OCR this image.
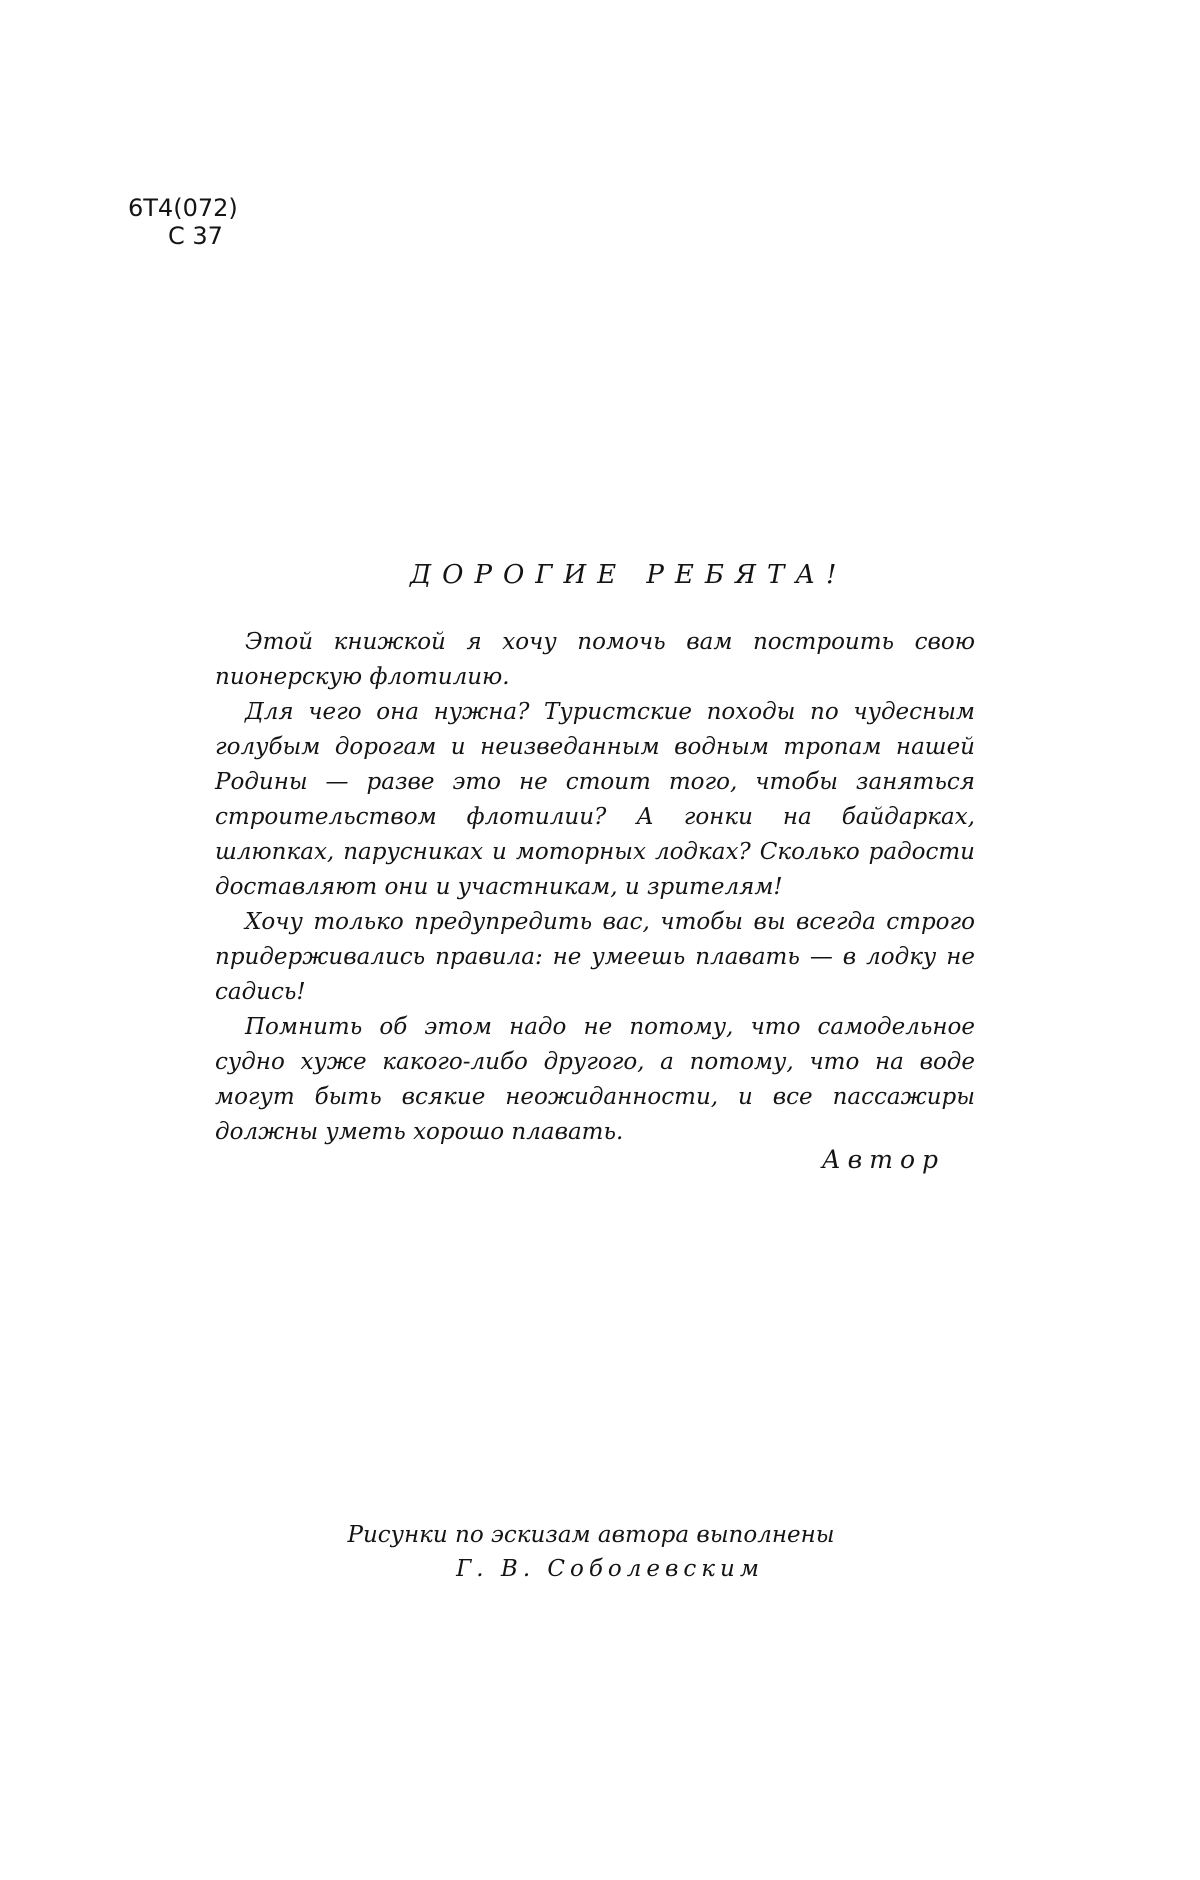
6Т4(072)
С 37
ДОРОГИЕ РЕБЯТА!

Этой книжкой я хочу помочь вам построить свою пионерскую флотилию.

Для чего она нужна? Туристские походы по чудесным голубым дорогам и неизведанным водным тропам нашей Родины — разве это не стоит того, чтобы заняться строительством флотилии? А гонки на байдарках, шлюпках, парусниках и моторных лодках? Сколько радости доставляют они и участникам, и зрителям!

Хочу только предупредить вас, чтобы вы всегда строго придерживались правила: не умеешь плавать — в лодку не садись!

Помнить об этом надо не потому, что самодельное судно хуже какого-либо другого, а потому, что на воде могут быть всякие неожиданности, и все пассажиры должны уметь хорошо плавать.

Автор
Рисунки по эскизам автора выполнены
Г. В. Соболевским
